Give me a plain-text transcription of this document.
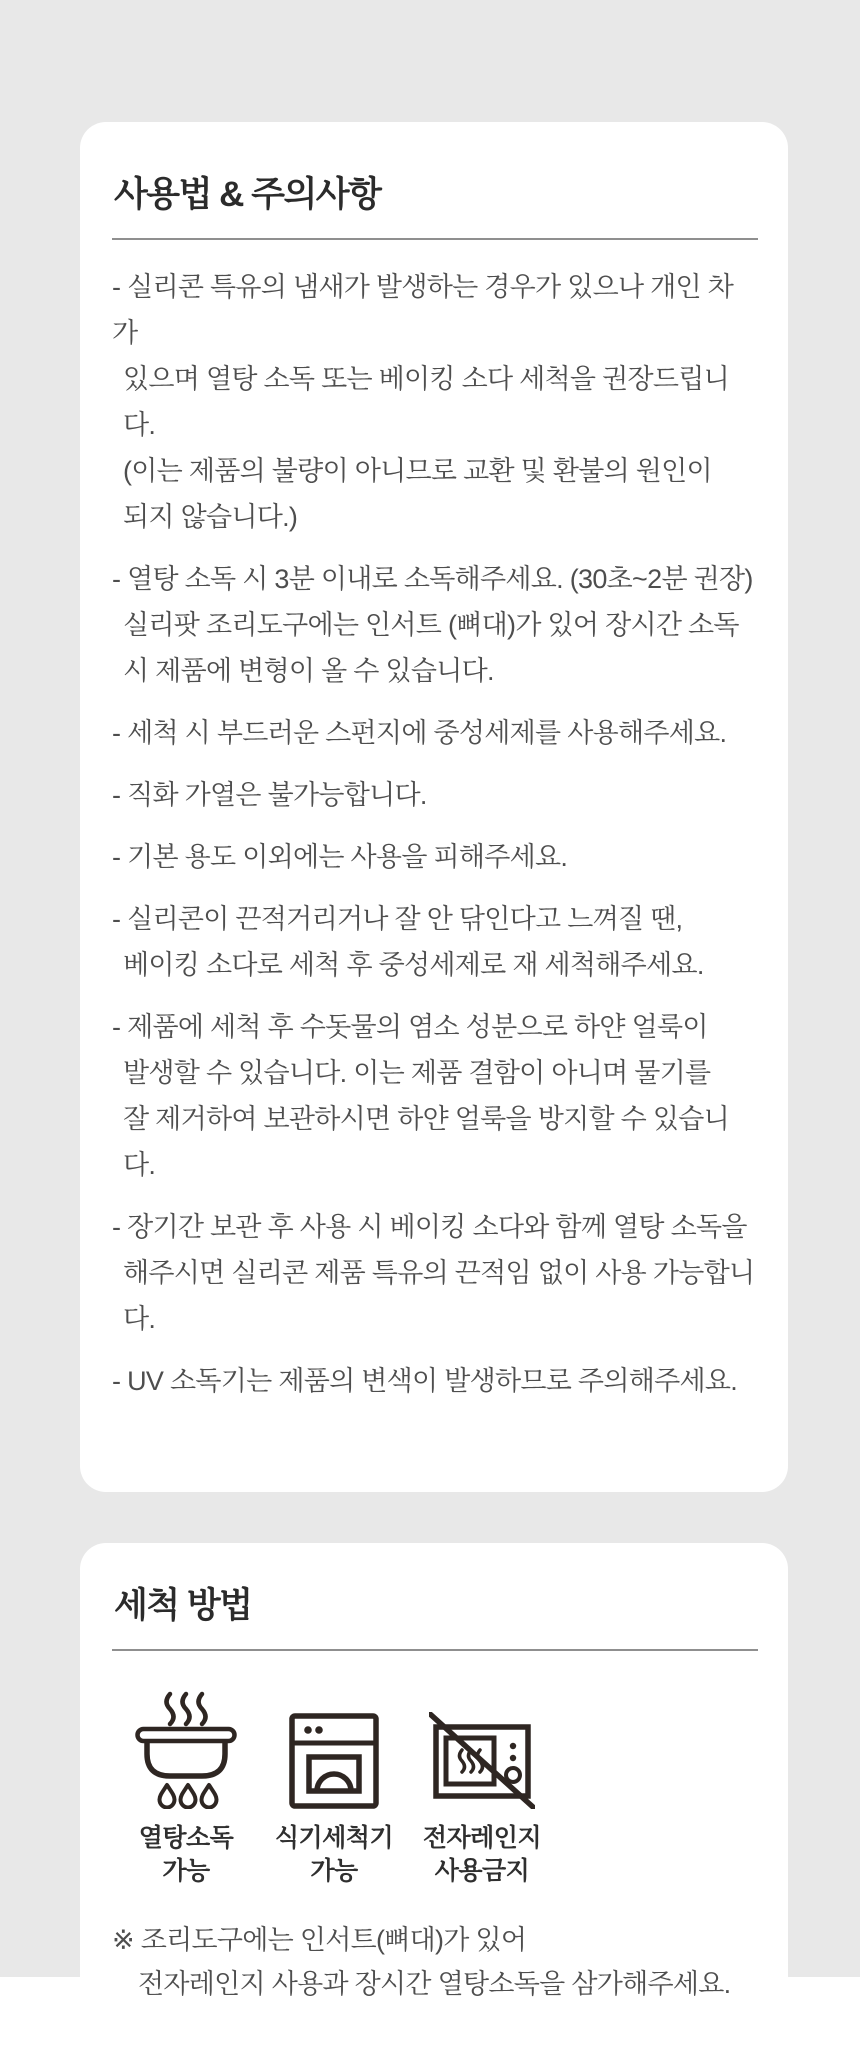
사용법 & 주의사항

- 실리콘 특유의 냄새가 발생하는 경우가 있으나 개인 차가
있으며 열탕 소독 또는 베이킹 소다 세척을 권장드립니다.
(이는 제품의 불량이 아니므로 교환 및 환불의 원인이
되지 않습니다.)

- 열탕 소독 시 3분 이내로 소독해주세요. (30초~2분 권장)
실리팟 조리도구에는 인서트 (뼈대)가 있어 장시간 소독
시 제품에 변형이 올 수 있습니다.

- 세척 시 부드러운 스펀지에 중성세제를 사용해주세요.

- 직화 가열은 불가능합니다.

- 기본 용도 이외에는 사용을 피해주세요.

- 실리콘이 끈적거리거나 잘 안 닦인다고 느껴질 땐,
베이킹 소다로 세척 후 중성세제로 재 세척해주세요.

- 제품에 세척 후 수돗물의 염소 성분으로 하얀 얼룩이
발생할 수 있습니다. 이는 제품 결함이 아니며 물기를
잘 제거하여 보관하시면 하얀 얼룩을 방지할 수 있습니다.

- 장기간 보관 후 사용 시 베이킹 소다와 함께 열탕 소독을
해주시면 실리콘 제품 특유의 끈적임 없이 사용 가능합니다.

- UV 소독기는 제품의 변색이 발생하므로 주의해주세요.

세척 방법
열탕소독
가능
식기세척기
가능
전자레인지
사용금지

※ 조리도구에는 인서트(뼈대)가 있어
전자레인지 사용과 장시간 열탕소독을 삼가해주세요.
